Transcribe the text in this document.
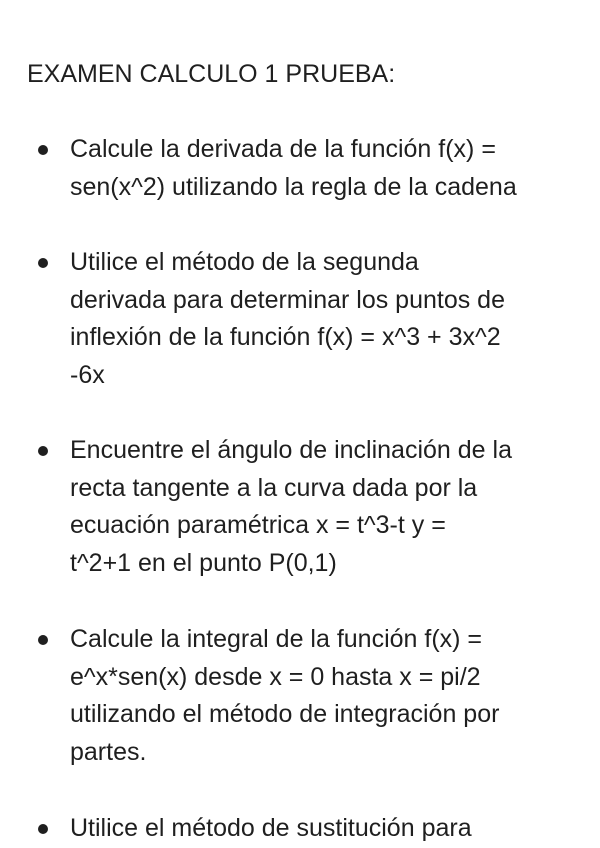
EXAMEN CALCULO 1 PRUEBA:
Calcule la derivada de la función f(x) =
sen(x^2) utilizando la regla de la cadena
Utilice el método de la segunda
derivada para determinar los puntos de
inflexión de la función f(x) = x^3 + 3x^2
-6x
Encuentre el ángulo de inclinación de la
recta tangente a la curva dada por la
ecuación paramétrica x = t^3-t y =
t^2+1 en el punto P(0,1)
Calcule la integral de la función f(x) =
e^x*sen(x) desde x = 0 hasta x = pi/2
utilizando el método de integración por
partes.
Utilice el método de sustitución para
